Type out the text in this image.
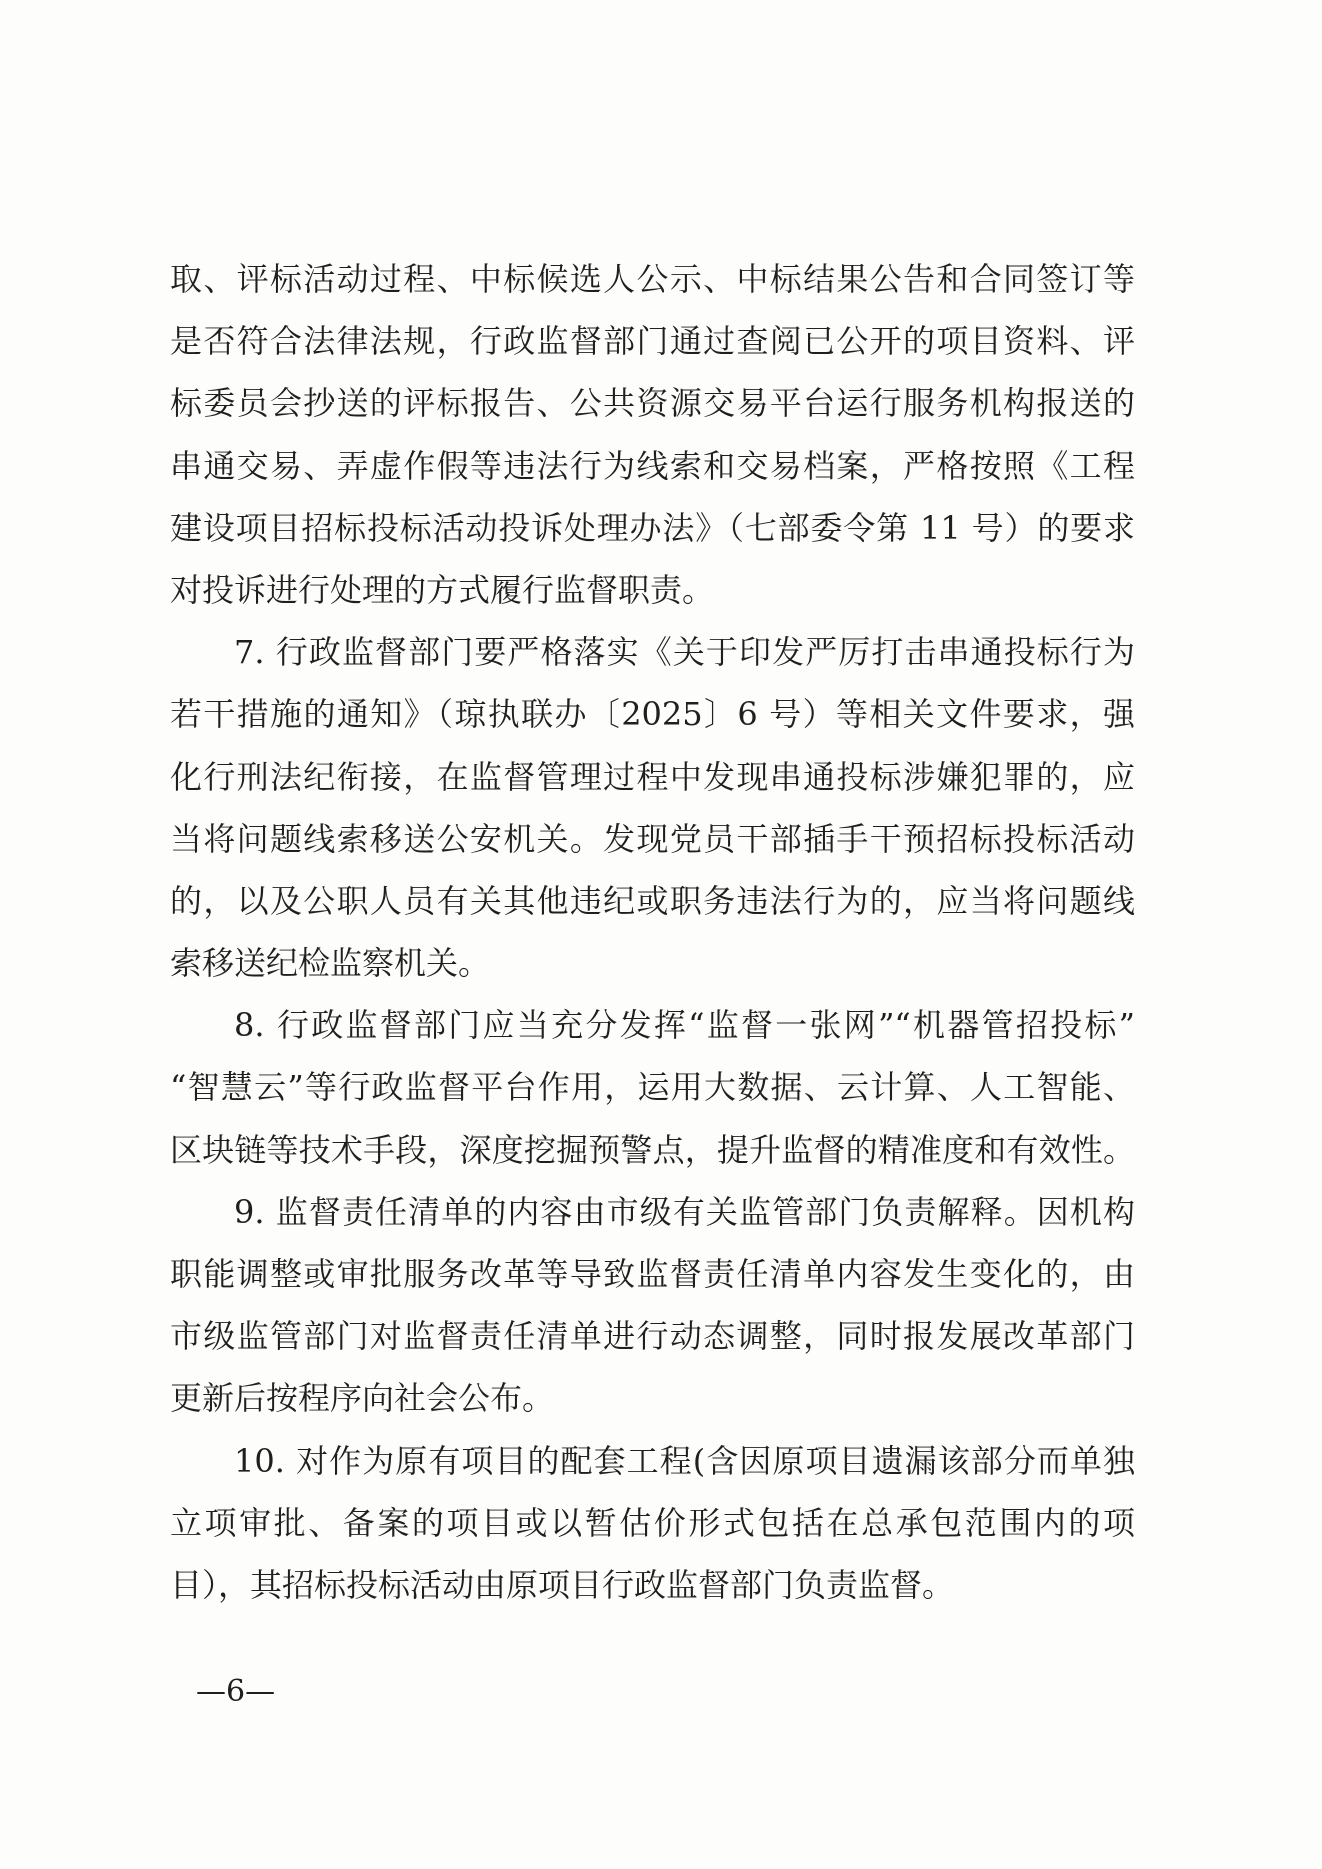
取、评标活动过程、中标候选人公示、中标结果公告和合同签订等
是否符合法律法规，行政监督部门通过查阅已公开的项目资料、评
标委员会抄送的评标报告、公共资源交易平台运行服务机构报送的
串通交易、弄虚作假等违法行为线索和交易档案，严格按照《工程
建设项目招标投标活动投诉处理办法》（七部委令第 11 号）的要求
对投诉进行处理的方式履行监督职责。
7. 行政监督部门要严格落实《关于印发严厉打击串通投标行为
若干措施的通知》（琼执联办〔2025〕6 号）等相关文件要求，强
化行刑法纪衔接，在监督管理过程中发现串通投标涉嫌犯罪的，应
当将问题线索移送公安机关。发现党员干部插手干预招标投标活动
的，以及公职人员有关其他违纪或职务违法行为的，应当将问题线
索移送纪检监察机关。
8. 行政监督部门应当充分发挥“监督一张网”“机器管招投标”
“智慧云”等行政监督平台作用，运用大数据、云计算、人工智能、
区块链等技术手段，深度挖掘预警点，提升监督的精准度和有效性。
9. 监督责任清单的内容由市级有关监管部门负责解释。因机构
职能调整或审批服务改革等导致监督责任清单内容发生变化的，由
市级监管部门对监督责任清单进行动态调整，同时报发展改革部门
更新后按程序向社会公布。
10. 对作为原有项目的配套工程(含因原项目遗漏该部分而单独
立项审批、备案的项目或以暂估价形式包括在总承包范围内的项
目），其招标投标活动由原项目行政监督部门负责监督。
—6—
